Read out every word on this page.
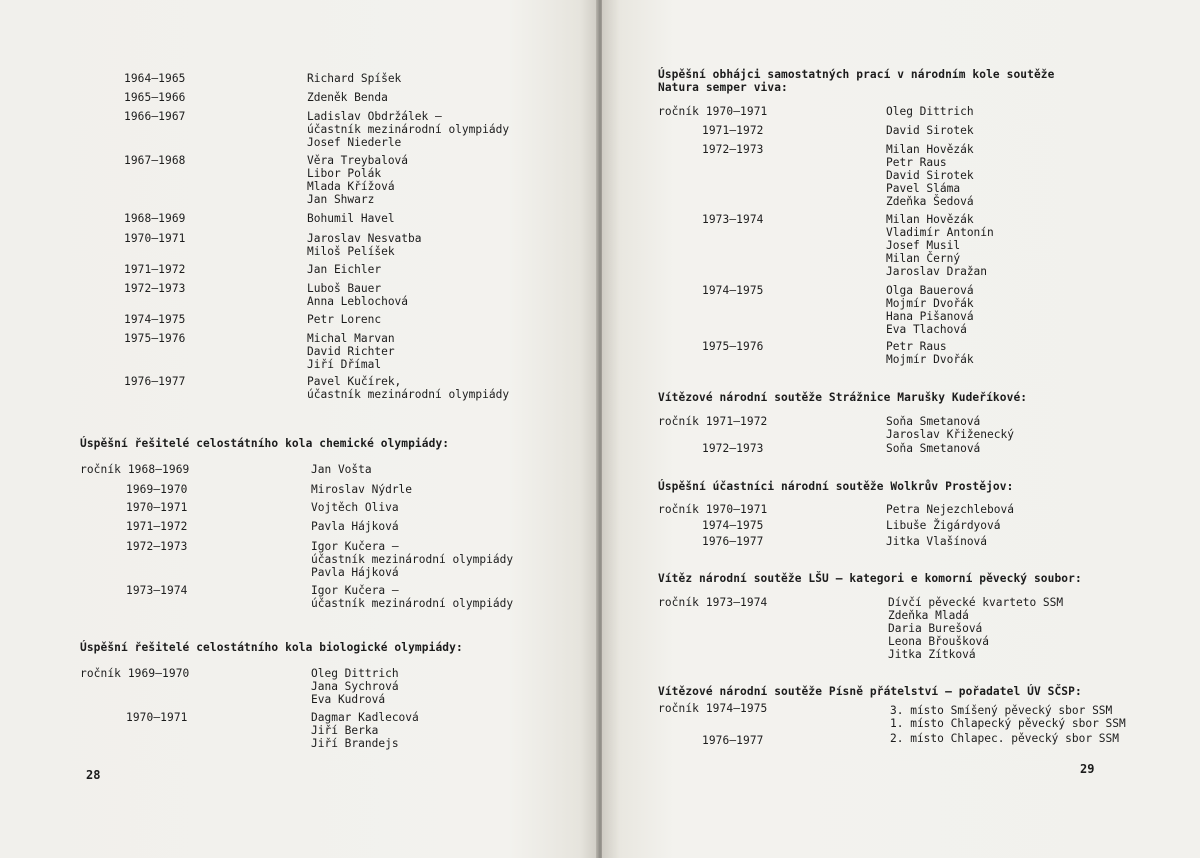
1964—1965	Richard Spíšek
1965—1966	Zdeněk Benda
1966—1967	Ladislav Obdržálek —
účastník mezinárodní olympiády
Josef Niederle
1967—1968	Věra Treybalová
Libor Polák
Mlada Křížová
Jan Shwarz
1968—1969	Bohumil Havel
1970—1971	Jaroslav Nesvatba
Miloš Pelíšek
1971—1972	Jan Eichler
1972—1973	Luboš Bauer
Anna Leblochová
1974—1975	Petr Lorenc
1975—1976	Michal Marvan
David Richter
Jiří Dřímal
1976—1977	Pavel Kučírek,
účastník mezinárodní olympiády
Úspěšní řešitelé celostátního kola chemické olympiády:
ročník 1968—1969	Jan Vošta
1969—1970	Miroslav Nýdrle
1970—1971	Vojtěch Oliva
1971—1972	Pavla Hájková
1972—1973	Igor Kučera —
účastník mezinárodní olympiády
Pavla Hájková
1973—1974	Igor Kučera —
účastník mezinárodní olympiády
Úspěšní řešitelé celostátního kola biologické olympiády:
ročník 1969—1970	Oleg Dittrich
Jana Sychrová
Eva Kudrová
1970—1971	Dagmar Kadlecová
Jiří Berka
Jiří Brandejs
28
Úspěšní obhájci samostatných prací v národním kole soutěže
Natura semper viva:
ročník 1970—1971	Oleg Dittrich
1971—1972	David Sirotek
1972—1973	Milan Hovězák
Petr Raus
David Sirotek
Pavel Sláma
Zdeňka Šedová
1973—1974	Milan Hovězák
Vladimír Antonín
Josef Musil
Milan Černý
Jaroslav Dražan
1974—1975	Olga Bauerová
Mojmír Dvořák
Hana Pišanová
Eva Tlachová
1975—1976	Petr Raus
Mojmír Dvořák
Vítězové národní soutěže Strážnice Marušky Kudeříkové:
ročník 1971—1972	Soňa Smetanová
Jaroslav Křiženecký
1972—1973	Soňa Smetanová
Úspěšní účastníci národní soutěže Wolkrův Prostějov:
ročník 1970—1971	Petra Nejezchlebová
1974—1975	Libuše Žigárdyová
1976—1977	Jitka Vlašínová
Vítěz národní soutěže LŠU — kategori e komorní pěvecký soubor:
ročník 1973—1974	Dívčí pěvecké kvarteto SSM
Zdeňka Mladá
Daria Burešová
Leona Břoušková
Jitka Zítková
Vítězové národní soutěže Písně přátelství — pořadatel ÚV SČSP:
ročník 1974—1975	3. místo Smíšený pěvecký sbor SSM
1. místo Chlapecký pěvecký sbor SSM
1976—1977	2. místo Chlapec. pěvecký sbor SSM
29
